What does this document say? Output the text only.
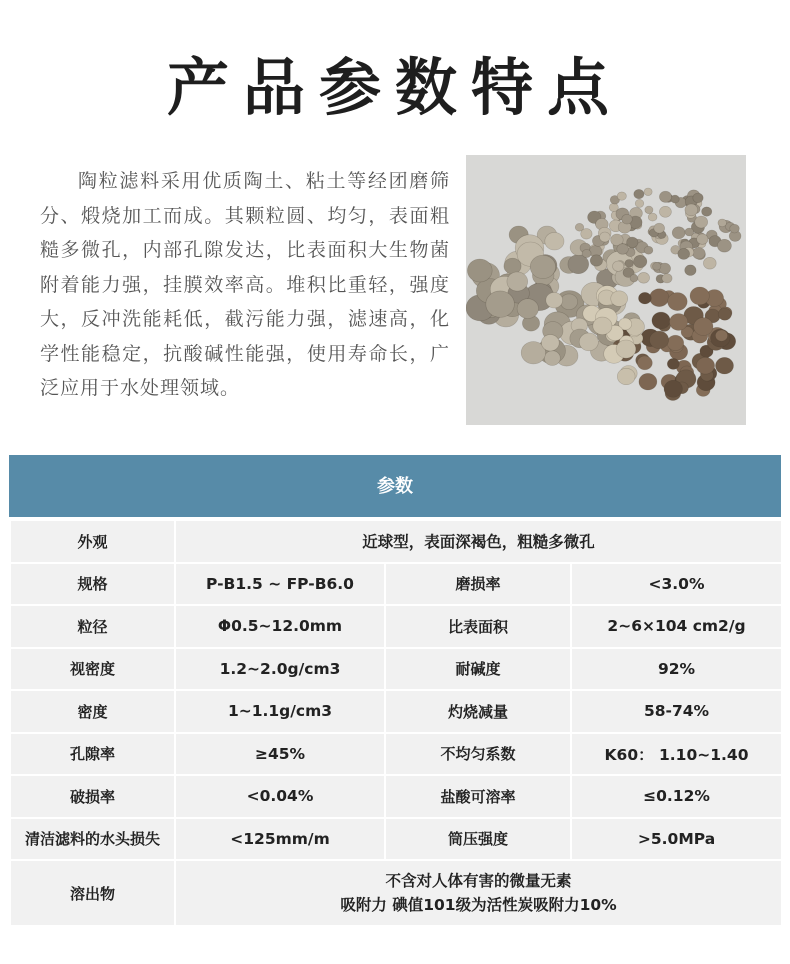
产品参数特点

陶粒滤料采用优质陶土、粘土等经团磨筛分、煅烧加工而成。其颗粒圆、均匀，表面粗糙多微孔，内部孔隙发达，比表面积大生物菌附着能力强，挂膜效率高。堆积比重轻，强度大，反冲洗能耗低，截污能力强，滤速高，化学性能稳定，抗酸碱性能强，使用寿命长，广泛应用于水处理领域。

参数
外观	近球型，表面深褐色，粗糙多微孔		
规格	P-B1.5 ~ FP-B6.0	磨损率	<3.0%
粒径	Φ0.5~12.0mm	比表面积	2~6×104 cm2/g
视密度	1.2~2.0g/cm3	耐碱度	92%
密度	1~1.1g/cm3	灼烧减量	58-74%
孔隙率	≥45%	不均匀系数	K60： 1.10~1.40
破损率	<0.04%	盐酸可溶率	≤0.12%
清洁滤料的水头损失	<125mm/m	筒压强度	>5.0MPa
溶出物	不含对人体有害的微量无素
吸附力 碘值101级为活性炭吸附力10%		
